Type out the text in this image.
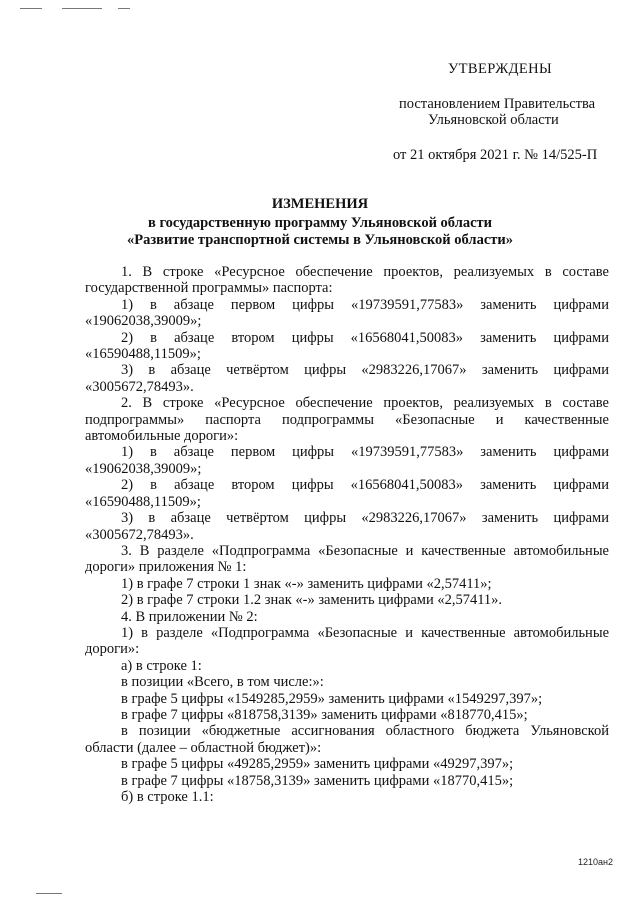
УТВЕРЖДЕНЫ
постановлением Правительства
Ульяновской области
от 21 октября 2021 г. № 14/525-П
ИЗМЕНЕНИЯ
в государственную программу Ульяновской области
«Развитие транспортной системы в Ульяновской области»

1. В строке «Ресурсное обеспечение проектов, реализуемых в составе государственной программы» паспорта:

1) в абзаце первом цифры «19739591,77583» заменить цифрами «19062038,39009»;

2) в абзаце втором цифры «16568041,50083» заменить цифрами «16590488,11509»;

3) в абзаце четвёртом цифры «2983226,17067» заменить цифрами «3005672,78493».

2. В строке «Ресурсное обеспечение проектов, реализуемых в составе подпрограммы» паспорта подпрограммы «Безопасные и качественные автомобильные дороги»:

1) в абзаце первом цифры «19739591,77583» заменить цифрами «19062038,39009»;

2) в абзаце втором цифры «16568041,50083» заменить цифрами «16590488,11509»;

3) в абзаце четвёртом цифры «2983226,17067» заменить цифрами «3005672,78493».

3. В разделе «Подпрограмма «Безопасные и качественные автомобильные дороги» приложения № 1:

1) в графе 7 строки 1 знак «-» заменить цифрами «2,57411»;

2) в графе 7 строки 1.2 знак «-» заменить цифрами «2,57411».

4. В приложении № 2:

1) в разделе «Подпрограмма «Безопасные и качественные автомобильные дороги»:

а) в строке 1:

в позиции «Всего, в том числе:»:

в графе 5 цифры «1549285,2959» заменить цифрами «1549297,397»;

в графе 7 цифры «818758,3139» заменить цифрами «818770,415»;

в позиции «бюджетные ассигнования областного бюджета Ульяновской области (далее – областной бюджет)»:

в графе 5 цифры «49285,2959» заменить цифрами «49297,397»;

в графе 7 цифры «18758,3139» заменить цифрами «18770,415»;

б) в строке 1.1:

1210ан2
